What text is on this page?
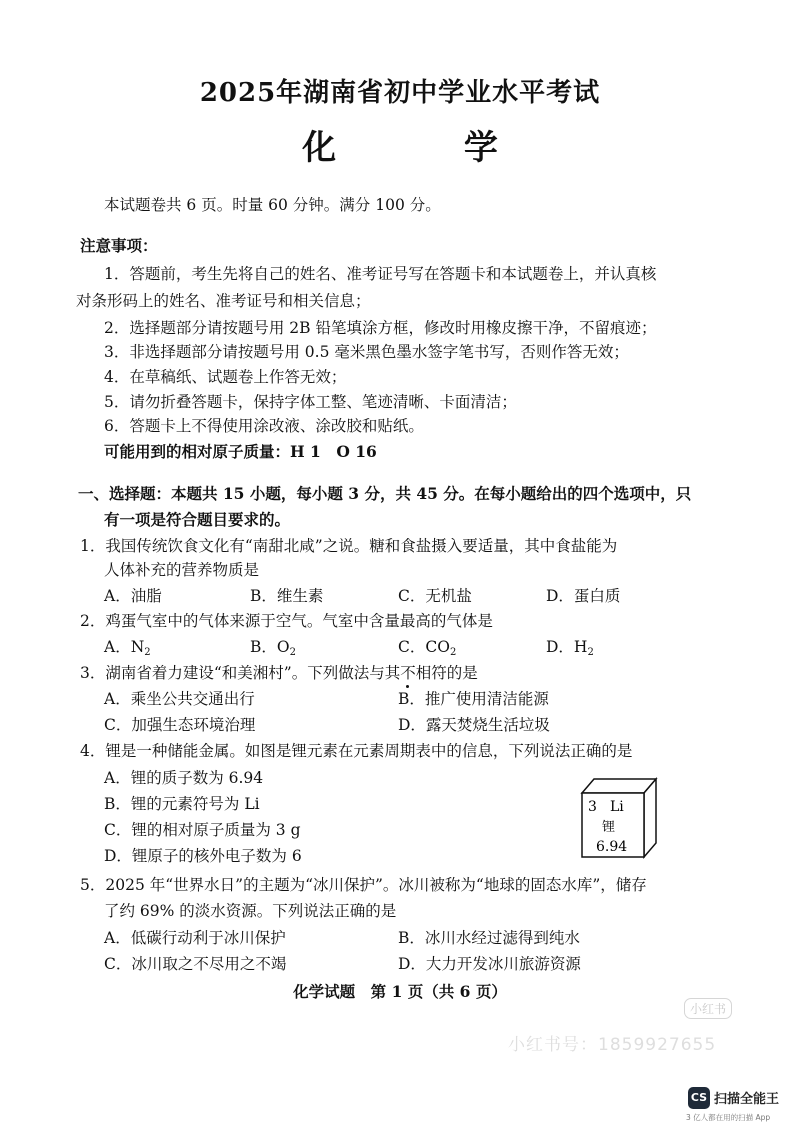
2025年湖南省初中学业水平考试
化 学
本试题卷共 6 页。时量 60 分钟。满分 100 分。
注意事项：
1．答题前，考生先将自己的姓名、准考证号写在答题卡和本试题卷上，并认真核
对条形码上的姓名、准考证号和相关信息；
2．选择题部分请按题号用 2B 铅笔填涂方框，修改时用橡皮擦干净，不留痕迹；
3．非选择题部分请按题号用 0.5 毫米黑色墨水签字笔书写，否则作答无效；
4．在草稿纸、试题卷上作答无效；
5．请勿折叠答题卡，保持字体工整、笔迹清晰、卡面清洁；
6．答题卡上不得使用涂改液、涂改胶和贴纸。
可能用到的相对原子质量：H 1　O 16
一、选择题：本题共 15 小题，每小题 3 分，共 45 分。在每小题给出的四个选项中，只
有一项是符合题目要求的。
1．我国传统饮食文化有“南甜北咸”之说。糖和食盐摄入要适量，其中食盐能为
人体补充的营养物质是
A．油脂	B．维生素	C．无机盐	D．蛋白质
2．鸡蛋气室中的气体来源于空气。气室中含量最高的气体是
A．$N_2$	B．$O_2$	C．$CO_2$	D．$H_2$
3．湖南省着力建设“和美湘村”。下列做法与其不
相符的是
A．乘坐公共交通出行	B．推广使用清洁能源
C．加强生态环境治理	D．露天焚烧生活垃圾
4．锂是一种储能金属。如图是锂元素在元素周期表中的信息，下列说法正确的是
A．锂的质子数为 6.94
B．锂的元素符号为 Li
C．锂的相对原子质量为 3 g
D．锂原子的核外电子数为 6
3 Li
锂
6.94
5．2025 年“世界水日”的主题为“冰川保护”。冰川被称为“地球的固态水库”，储存
了约 69% 的淡水资源。下列说法正确的是
A．低碳行动利于冰川保护	B．冰川水经过滤得到纯水
C．冰川取之不尽用之不竭	D．大力开发冰川旅游资源
化学试题　第 1 页（共 6 页）
小红书
小红书号：1859927655
CS 扫描全能王
3 亿人都在用的扫描 App
